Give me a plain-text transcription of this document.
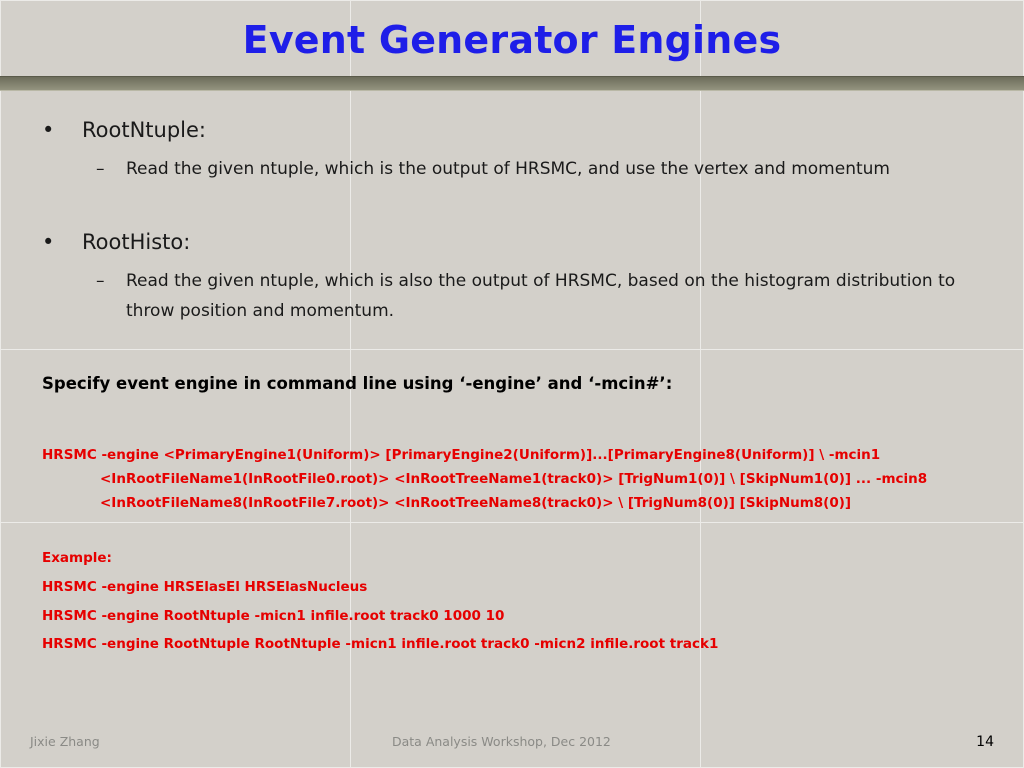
Event Generator Engines
• RootNtuple:
–	Read the given ntuple, which is the output of HRSMC, and use the vertex and momentum
• RootHisto:
–	Read the given ntuple, which is also the output of HRSMC, based on the histogram distribution to throw position and momentum.
Specify event engine in command line using ‘-engine’ and ‘-mcin#’:
HRSMC -engine <PrimaryEngine1(Uniform)> [PrimaryEngine2(Uniform)]...[PrimaryEngine8(Uniform)] \ -mcin1
<InRootFileName1(InRootFile0.root)> <InRootTreeName1(track0)> [TrigNum1(0)] \ [SkipNum1(0)] ... -mcin8
<InRootFileName8(InRootFile7.root)> <InRootTreeName8(track0)> \ [TrigNum8(0)] [SkipNum8(0)]
Example:
HRSMC -engine HRSElasEl HRSElasNucleus
HRSMC -engine RootNtuple -micn1 infile.root track0 1000 10
HRSMC -engine RootNtuple RootNtuple -micn1 infile.root track0 -micn2 infile.root track1
Jixie Zhang	Data Analysis Workshop, Dec 2012	14
